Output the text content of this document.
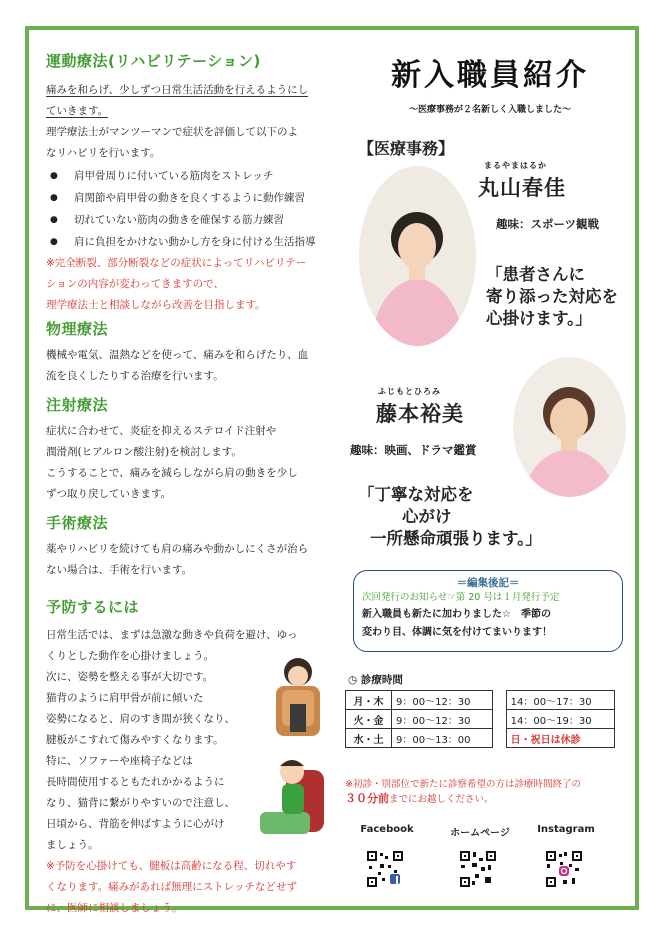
運動療法(リハビリテーション)
痛みを和らげ、少しずつ日常生活活動を行えるようにし
ていきます。
理学療法士がマンツーマンで症状を評価して以下のよ
なリハビリを行います。
● 肩甲骨周りに付いている筋肉をストレッチ
● 肩関節や肩甲骨の動きを良くするように動作練習
● 切れていない筋肉の動きを確保する筋力練習
● 肩に負担をかけない動かし方を身に付ける生活指導
※完全断裂、部分断裂などの症状によってリハビリテー
ションの内容が変わってきますので、
理学療法士と相談しながら改善を目指します。
物理療法
機械や電気、温熱などを使って、痛みを和らげたり、血
流を良くしたりする治療を行います。
注射療法
症状に合わせて、炎症を抑えるステロイド注射や
潤滑剤(ヒアルロン酸注射)を検討します。
こうすることで、痛みを減らしながら肩の動きを少し
ずつ取り戻していきます。
手術療法
薬やリハビリを続けても肩の痛みや動かしにくさが治ら
ない場合は、手術を行います。
予防するには
日常生活では、まずは急激な動きや負荷を避け、ゆっ
くりとした動作を心掛けましょう。
次に、姿勢を整える事が大切です。
猫背のように肩甲骨が前に傾いた
姿勢になると、肩のすき間が狭くなり、
腱板がこすれて傷みやすくなります。
特に、ソファーや座椅子などは
長時間使用するともたれかかるように
なり、猫背に繋がりやすいので注意し、
日頃から、背筋を伸ばすように心がけ
ましょう。
※予防を心掛けても、腱板は高齢になる程、切れやす
くなります。痛みがあれば無理にストレッチなどせず
に、医師に相談しましょう。
新入職員紹介
〜医療事務が２名新しく入職しました〜
【医療事務】
まるやまはるか
丸山春佳
趣味：スポーツ観戦
「患者さんに
寄り添った対応を
心掛けます。」
ふじもとひろみ
藤本裕美
趣味：映画、ドラマ鑑賞
「丁寧な対応を
心がけ
一所懸命頑張ります。」
＝編集後記＝
次回発行のお知らせ☞第 20 号は１月発行予定
新入職員も新たに加わりました☆　季節の
変わり目、体調に気を付けてまいります！
◷ 診療時間
月・木	9：00〜12：30		14：00〜17：30
火・金	9：00〜12：30		14：00〜19：30
水・土	9：00〜13：00		日・祝日は休診
※初診・別部位で新たに診察希望の方は診療時間終了の
３０分前までにお越しください。
Facebook	ホームページ	Instagram
